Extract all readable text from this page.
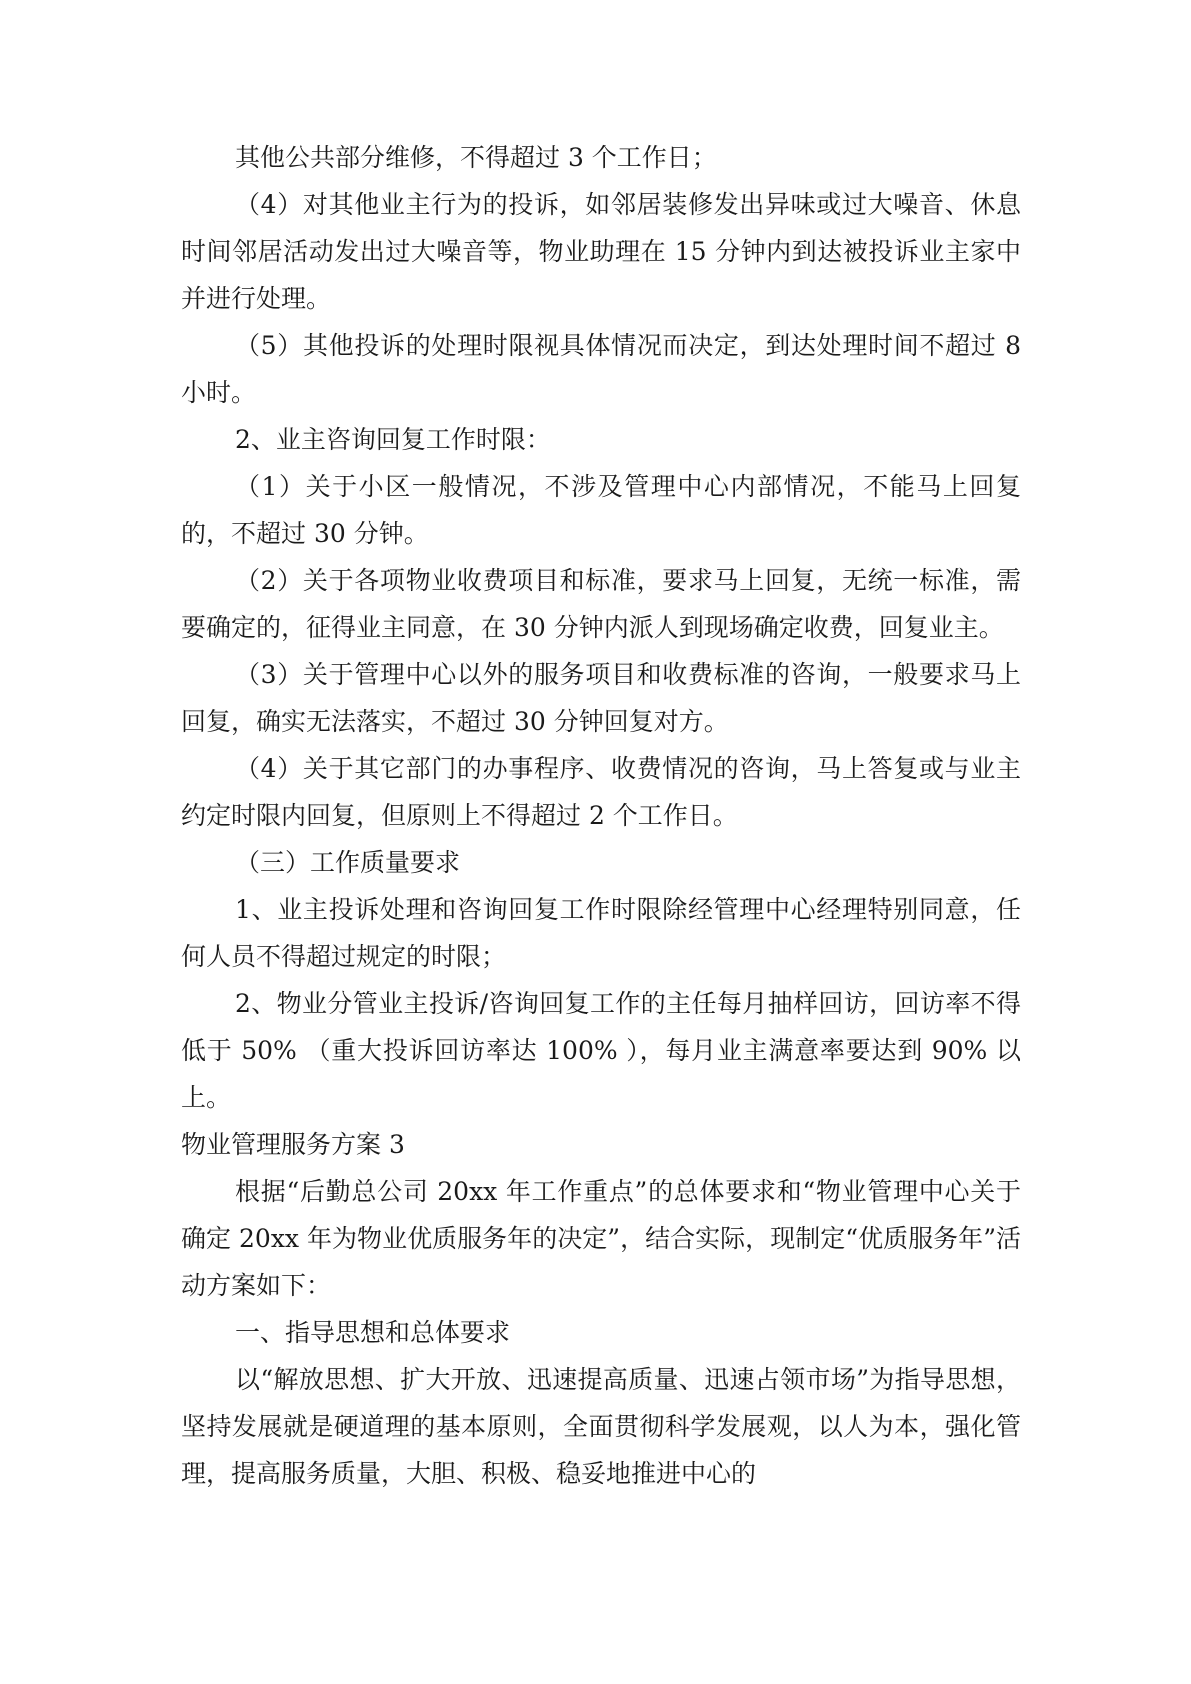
其他公共部分维修，不得超过 3 个工作日；

（4）对其他业主行为的投诉，如邻居装修发出异味或过大噪音、休息时间邻居活动发出过大噪音等，物业助理在 15 分钟内到达被投诉业主家中并进行处理。

（5）其他投诉的处理时限视具体情况而决定，到达处理时间不超过 8 小时。

2、业主咨询回复工作时限：

（1）关于小区一般情况，不涉及管理中心内部情况，不能马上回复的，不超过 30 分钟。

（2）关于各项物业收费项目和标准，要求马上回复，无统一标准，需要确定的，征得业主同意，在 30 分钟内派人到现场确定收费，回复业主。

（3）关于管理中心以外的服务项目和收费标准的咨询，一般要求马上回复，确实无法落实，不超过 30 分钟回复对方。

（4）关于其它部门的办事程序、收费情况的咨询，马上答复或与业主约定时限内回复，但原则上不得超过 2 个工作日。

（三）工作质量要求

1、业主投诉处理和咨询回复工作时限除经管理中心经理特别同意，任何人员不得超过规定的时限；

2、物业分管业主投诉/咨询回复工作的主任每月抽样回访，回访率不得低于 50% （重大投诉回访率达 100% ），每月业主满意率要达到 90% 以上。

物业管理服务方案 3

根据“后勤总公司 20xx 年工作重点”的总体要求和“物业管理中心关于确定 20xx 年为物业优质服务年的决定”，结合实际，现制定“优质服务年”活动方案如下：

一、指导思想和总体要求

以“解放思想、扩大开放、迅速提高质量、迅速占领市场”为指导思想，坚持发展就是硬道理的基本原则，全面贯彻科学发展观，以人为本，强化管理，提高服务质量，大胆、积极、稳妥地推进中心的
